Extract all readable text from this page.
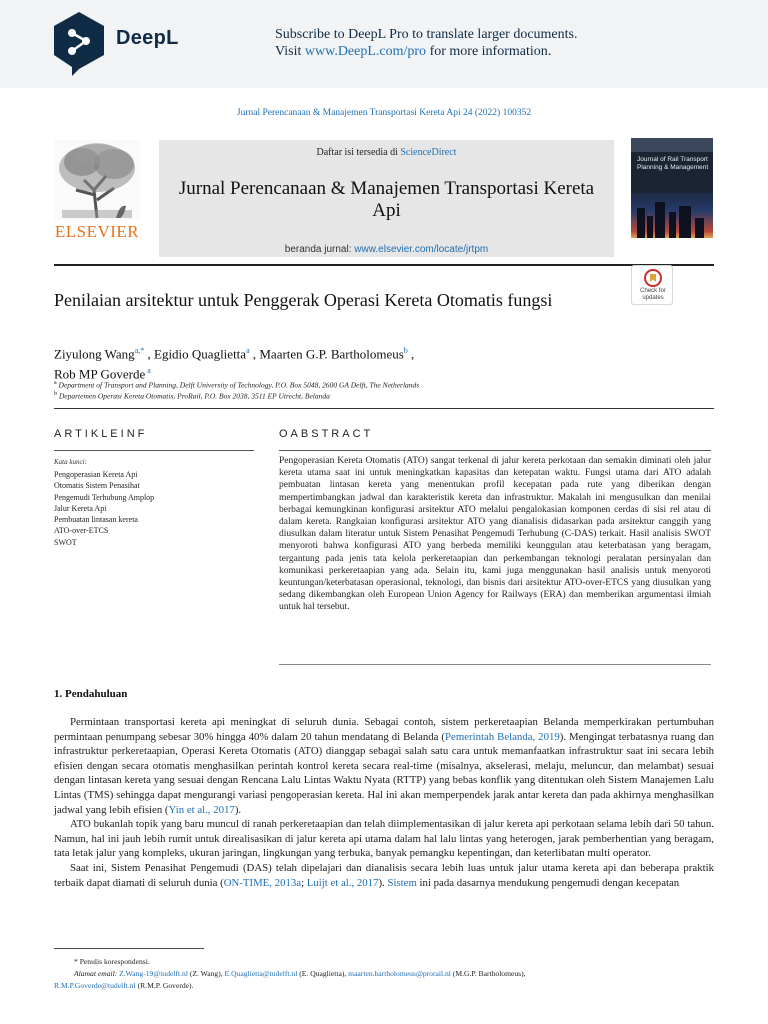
DeepL	Subscribe to DeepL Pro to translate larger documents.
Visit www.DeepL.com/pro for more information.
Jurnal Perencanaan & Manajemen Transportasi Kereta Api 24 (2022) 100352
ELSEVIER
Daftar isi tersedia di ScienceDirect
Jurnal Perencanaan & Manajemen Transportasi Kereta Api
beranda jurnal: www.elsevier.com/locate/jrtpm
Journal of Rail Transport Planning & Management
Check for updates
Penilaian arsitektur untuk Penggerak Operasi Kereta Otomatis fungsi
Ziyulong Wang$^{a,*}$ , Egidio Quaglietta$^a$ , Maarten G.P. Bartholomeus$^b$ ,
Rob MP Goverde $^a$
$^a$ Department of Transport and Planning, Delft University of Technology, P.O. Box 5048, 2600 GA Delft, The Netherlands
$^b$ Departemen Operasi Kereta Otomatis, ProRail, P.O. Box 2038, 3511 EP Utrecht, Belanda
ARTIKLEINF
Kata kunci:
Pengoperasian Kereta Api
Otomatis Sistem Penasihat
Pengemudi Terhubung Amplop
Jalur Kereta Api
Pembuatan lintasan kereta
ATO-over-ETCS
SWOT
OABSTRACT
Pengoperasian Kereta Otomatis (ATO) sangat terkenal di jalur kereta perkotaan dan semakin diminati oleh jalur kereta utama saat ini untuk meningkatkan kapasitas dan ketepatan waktu. Fungsi utama dari ATO adalah pembuatan lintasan kereta yang menentukan profil kecepatan pada rute yang diberikan dengan mempertimbangkan jadwal dan karakteristik kereta dan infrastruktur. Makalah ini mengusulkan dan menilai berbagai kemungkinan konfigurasi arsitektur ATO melalui pengalokasian komponen cerdas di sisi rel atau di dalam kereta. Rangkaian konfigurasi arsitektur ATO yang dianalisis didasarkan pada arsitektur canggih yang diusulkan dalam literatur untuk Sistem Penasihat Pengemudi Terhubung (C-DAS) terkait. Hasil analisis SWOT menyoroti bahwa konfigurasi ATO yang berbeda memiliki keunggulan atau keterbatasan yang beragam, tergantung pada jenis tata kelola perkeretaapian dan perkembangan teknologi peralatan persinyalan dan komunikasi perkeretaapian yang ada. Selain itu, kami juga menggunakan hasil analisis untuk menyoroti keuntungan/keterbatasan operasional, teknologi, dan bisnis dari arsitektur ATO-over-ETCS yang diusulkan yang sedang dikembangkan oleh European Union Agency for Railways (ERA) dan memberikan argumentasi ilmiah untuk hal tersebut.
1. Pendahuluan

Permintaan transportasi kereta api meningkat di seluruh dunia. Sebagai contoh, sistem perkeretaapian Belanda memperkirakan pertumbuhan permintaan penumpang sebesar 30% hingga 40% dalam 20 tahun mendatang di Belanda (Pemerintah Belanda, 2019). Mengingat terbatasnya ruang dan infrastruktur perkeretaapian, Operasi Kereta Otomatis (ATO) dianggap sebagai salah satu cara untuk memanfaatkan infrastruktur saat ini secara lebih efisien dengan secara otomatis menghasilkan perintah kontrol kereta secara real-time (misalnya, akselerasi, melaju, meluncur, dan melambat) sesuai dengan lintasan kereta yang sesuai dengan Rencana Lalu Lintas Waktu Nyata (RTTP) yang bebas konflik yang ditentukan oleh Sistem Manajemen Lalu Lintas (TMS) sehingga dapat mengurangi variasi pengoperasian kereta. Hal ini akan memperpendek jarak antar kereta dan pada akhirnya menghasilkan jadwal yang lebih efisien (Yin et al., 2017).

ATO bukanlah topik yang baru muncul di ranah perkeretaapian dan telah diimplementasikan di jalur kereta api perkotaan selama lebih dari 50 tahun. Namun, hal ini jauh lebih rumit untuk direalisasikan di jalur kereta api utama dalam hal lalu lintas yang heterogen, jarak pemberhentian yang beragam, tata letak jalur yang kompleks, ukuran jaringan, lingkungan yang terbuka, banyak pemangku kepentingan, dan keterlibatan multi operator.

Saat ini, Sistem Penasihat Pengemudi (DAS) telah dipelajari dan dianalisis secara lebih luas untuk jalur utama kereta api dan beberapa praktik terbaik dapat diamati di seluruh dunia (ON-TIME, 2013a; Luijt et al., 2017). Sistem ini pada dasarnya mendukung pengemudi dengan kecepatan

* Penulis korespondensi.
Alamat email: Z.Wang-19@tudelft.nl (Z. Wang), E.Quaglietta@tudelft.nl (E. Quaglietta), maarten.bartholomeus@prorail.nl (M.G.P. Bartholomeus),
R.M.P.Goverde@tudelft.nl (R.M.P. Goverde).
